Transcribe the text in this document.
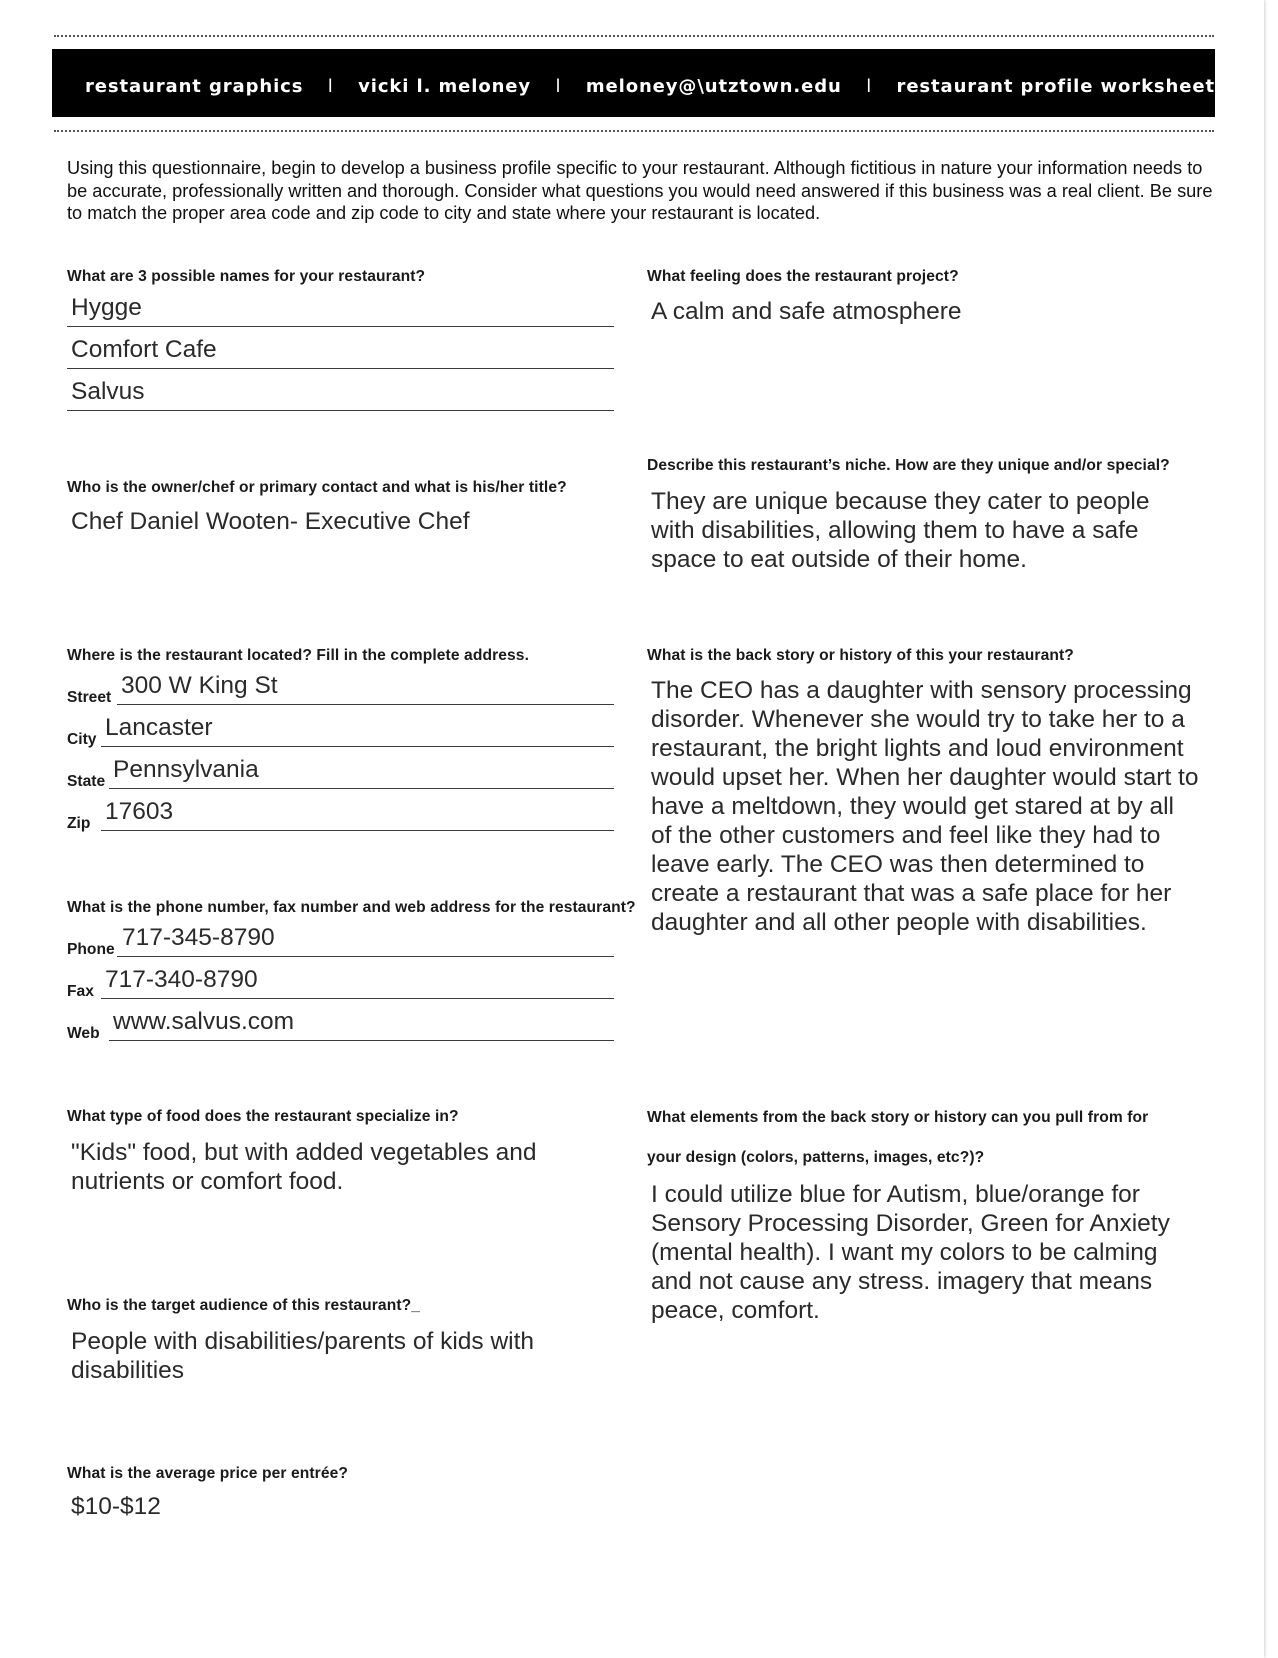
restaurant graphics	l	vicki l. meloney	l	meloney@\utztown.edu	l	restaurant profile worksheet
Using this questionnaire, begin to develop a business profile specific to your restaurant. Although fictitious in nature your information needs to be accurate, professionally written and thorough. Consider what questions you would need answered if this business was a real client. Be sure to match the proper area code and zip code to city and state where your restaurant is located.
What are 3 possible names for your restaurant?
Hygge
Comfort Cafe
Salvus
Who is the owner/chef or primary contact and what is his/her title?
Chef Daniel Wooten- Executive Chef
Where is the restaurant located? Fill in the complete address.
Street 300 W King St
City Lancaster
State Pennsylvania
Zip 17603
What is the phone number, fax number and web address for the restaurant?
Phone 717-345-8790
Fax 717-340-8790
Web www.salvus.com
What type of food does the restaurant specialize in?
"Kids" food, but with added vegetables and nutrients or comfort food.
Who is the target audience of this restaurant?_
People with disabilities/parents of kids with disabilities
What is the average price per entrée?
$10-$12
What feeling does the restaurant project?
A calm and safe atmosphere
Describe this restaurant’s niche. How are they unique and/or special?
They are unique because they cater to people with disabilities, allowing them to have a safe space to eat outside of their home.
What is the back story or history of this your restaurant?
The CEO has a daughter with sensory processing disorder. Whenever she would try to take her to a restaurant, the bright lights and loud environment would upset her. When her daughter would start to have a meltdown, they would get stared at by all of the other customers and feel like they had to leave early. The CEO was then determined to create a restaurant that was a safe place for her daughter and all other people with disabilities.
What elements from the back story or history can you pull from for
your design (colors, patterns, images, etc?)?
I could utilize blue for Autism, blue/orange for Sensory Processing Disorder, Green for Anxiety (mental health). I want my colors to be calming and not cause any stress. imagery that means peace, comfort.
